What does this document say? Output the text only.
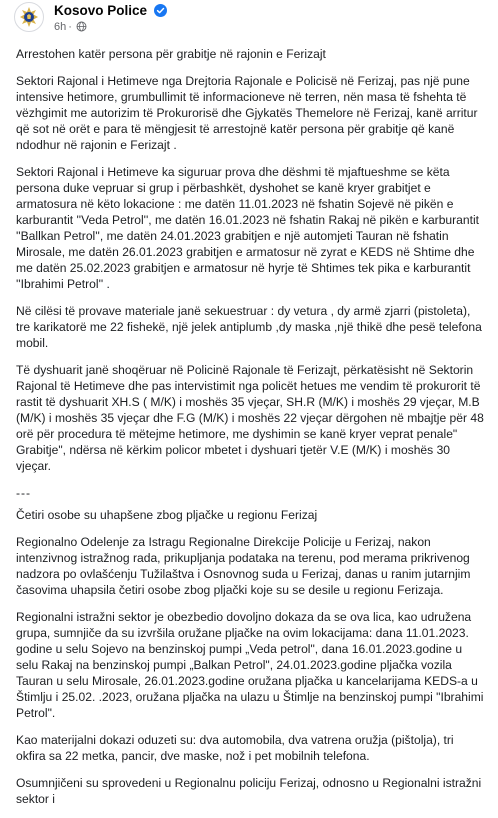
Kosovo Police
6h ·

Arrestohen katër persona për grabitje në rajonin e Ferizajt

Sektori Rajonal i Hetimeve nga Drejtoria Rajonale e Policisë në Ferizaj, pas një pune intensive hetimore, grumbullimit të informacioneve në terren, nën masa të fshehta të vëzhgimit me autorizim të Prokurorisë dhe Gjykatës Themelore në Ferizaj, kanë arritur që sot në orët e para të mëngjesit të arrestojnë katër persona për grabitje që kanë ndodhur në rajonin e Ferizajt .

Sektori Rajonal i Hetimeve ka siguruar prova dhe dëshmi të mjaftueshme se këta persona duke vepruar si grup i përbashkët, dyshohet se kanë kryer grabitjet e armatosura në këto lokacione : me datën 11.01.2023 në fshatin Sojevë në pikën e karburantit ''Veda Petrol'', me datën 16.01.2023 në fshatin Rakaj në pikën e karburantit ''Ballkan Petrol'', me datën 24.01.2023 grabitjen e një automjeti Tauran në fshatin Mirosale, me datën 26.01.2023 grabitjen e armatosur në zyrat e KEDS në Shtime dhe me datën 25.02.2023 grabitjen e armatosur në hyrje të Shtimes tek pika e karburantit ''Ibrahimi Petrol'' .

Në cilësi të provave materiale janë sekuestruar : dy vetura , dy armë zjarri (pistoleta), tre karikatorë me 22 fishekë, një jelek antiplumb ,dy maska ,një thikë dhe pesë telefona mobil.

Të dyshuarit janë shoqëruar në Policinë Rajonale të Ferizajt, përkatësisht në Sektorin Rajonal të Hetimeve dhe pas intervistimit nga policët hetues me vendim të prokurorit të rastit të dyshuarit XH.S ( M/K) i moshës 35 vjeçar, SH.R (M/K) i moshës 29 vjeçar, M.B (M/K) i moshës 35 vjeçar dhe F.G (M/K) i moshës 22 vjeçar dërgohen në mbajtje për 48 orë për procedura të mëtejme hetimore, me dyshimin se kanë kryer veprat penale" Grabitje", ndërsa në kërkim policor mbetet i dyshuari tjetër V.E (M/K) i moshës 30 vjeçar.

---

Četiri osobe su uhapšene zbog pljačke u regionu Ferizaj

Regionalno Odelenje za Istragu Regionalne Direkcije Policije u Ferizaj, nakon intenzivnog istražnog rada, prikupljanja podataka na terenu, pod merama prikrivenog nadzora po ovlašćenju Tužilaštva i Osnovnog suda u Ferizaj, danas u ranim jutarnjim časovima uhapsila četiri osobe zbog pljački koje su se desile u regionu Ferizaja.

Regionalni istražni sektor je obezbedio dovoljno dokaza da se ova lica, kao udružena grupa, sumnjiče da su izvršila oružane pljačke na ovim lokacijama: dana 11.01.2023. godine u selu Sojevo na benzinskoj pumpi „Veda petrol", dana 16.01.2023.godine u selu Rakaj na benzinskoj pumpi „Balkan Petrol", 24.01.2023.godine pljačka vozila Tauran u selu Mirosale, 26.01.2023.godine oružana pljačka u kancelarijama KEDS-a u Štimlju i 25.02. .2023, oružana pljačka na ulazu u Štimlje na benzinskoj pumpi "Ibrahimi Petrol".

Kao materijalni dokazi oduzeti su: dva automobila, dva vatrena oružja (pištolja), tri okfira sa 22 metka, pancir, dve maske, nož i pet mobilnih telefona.

Osumnjičeni su sprovedeni u Regionalnu policiju Ferizaj, odnosno u Regionalni istražni sektor i
